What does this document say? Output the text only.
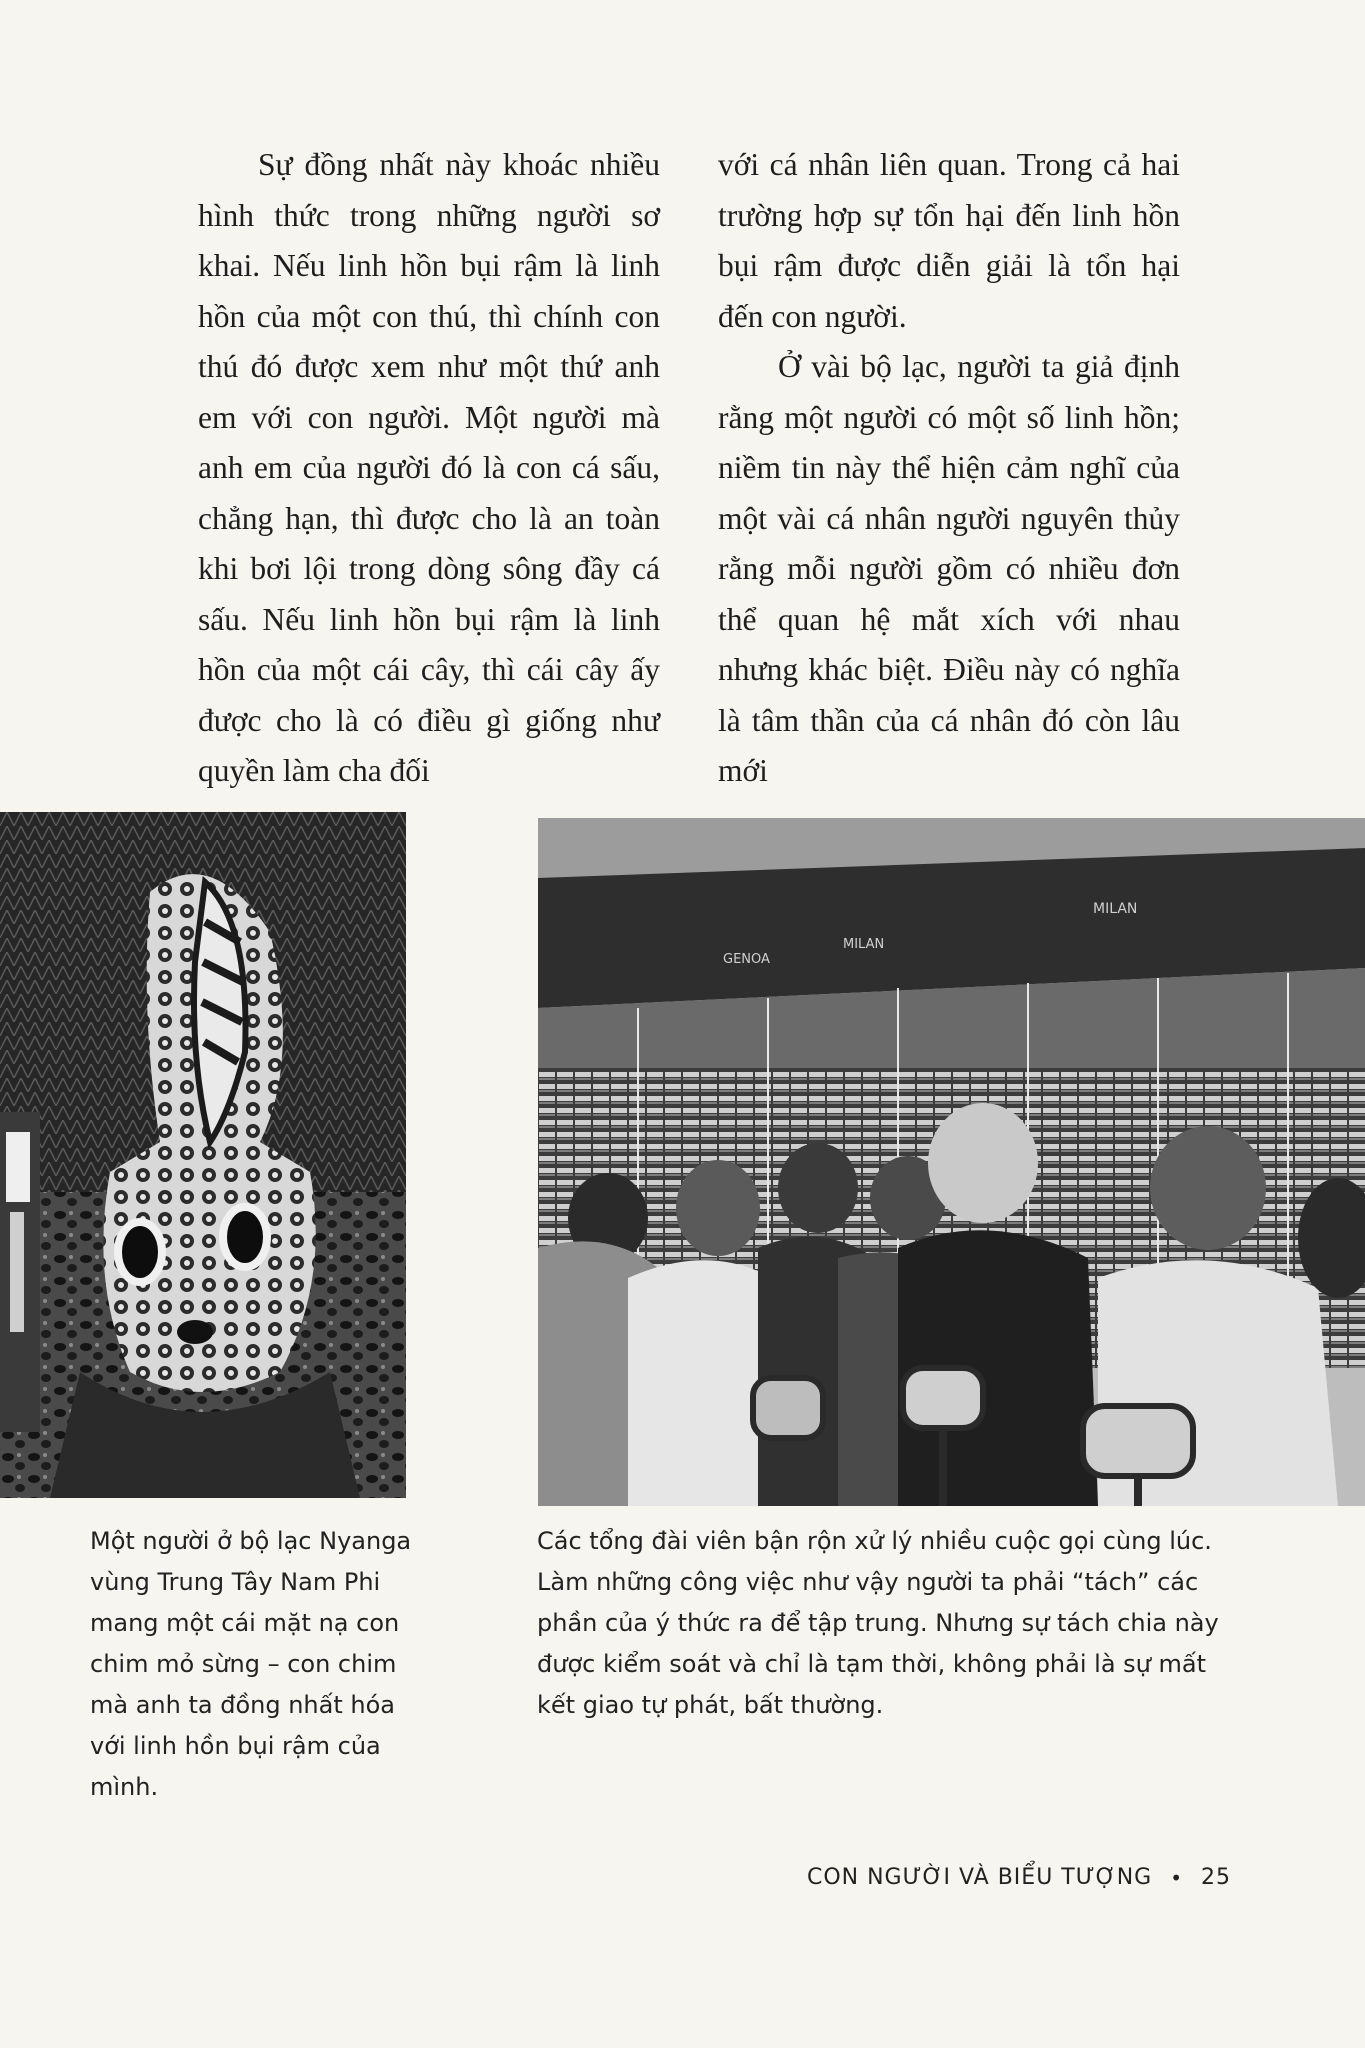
Sự đồng nhất này khoác nhiều hình thức trong những người sơ khai. Nếu linh hồn bụi rậm là linh hồn của một con thú, thì chính con thú đó được xem như một thứ anh em với con người. Một người mà anh em của người đó là con cá sấu, chẳng hạn, thì được cho là an toàn khi bơi lội trong dòng sông đầy cá sấu. Nếu linh hồn bụi rậm là linh hồn của một cái cây, thì cái cây ấy được cho là có điều gì giống như quyền làm cha đối

với cá nhân liên quan. Trong cả hai trường hợp sự tổn hại đến linh hồn bụi rậm được diễn giải là tổn hại đến con người.

Ở vài bộ lạc, người ta giả định rằng một người có một số linh hồn; niềm tin này thể hiện cảm nghĩ của một vài cá nhân người nguyên thủy rằng mỗi người gồm có nhiều đơn thể quan hệ mắt xích với nhau nhưng khác biệt. Điều này có nghĩa là tâm thần của cá nhân đó còn lâu mới

GENOA
MILAN
MILAN
Một người ở bộ lạc Nyanga vùng Trung Tây Nam Phi mang một cái mặt nạ con chim mỏ sừng – con chim mà anh ta đồng nhất hóa với linh hồn bụi rậm của mình.
Các tổng đài viên bận rộn xử lý nhiều cuộc gọi cùng lúc. Làm những công việc như vậy người ta phải “tách” các phần của ý thức ra để tập trung. Nhưng sự tách chia này được kiểm soát và chỉ là tạm thời, không phải là sự mất kết giao tự phát, bất thường.
CON NGƯỜI VÀ BIỂU TƯỢNG • 25
